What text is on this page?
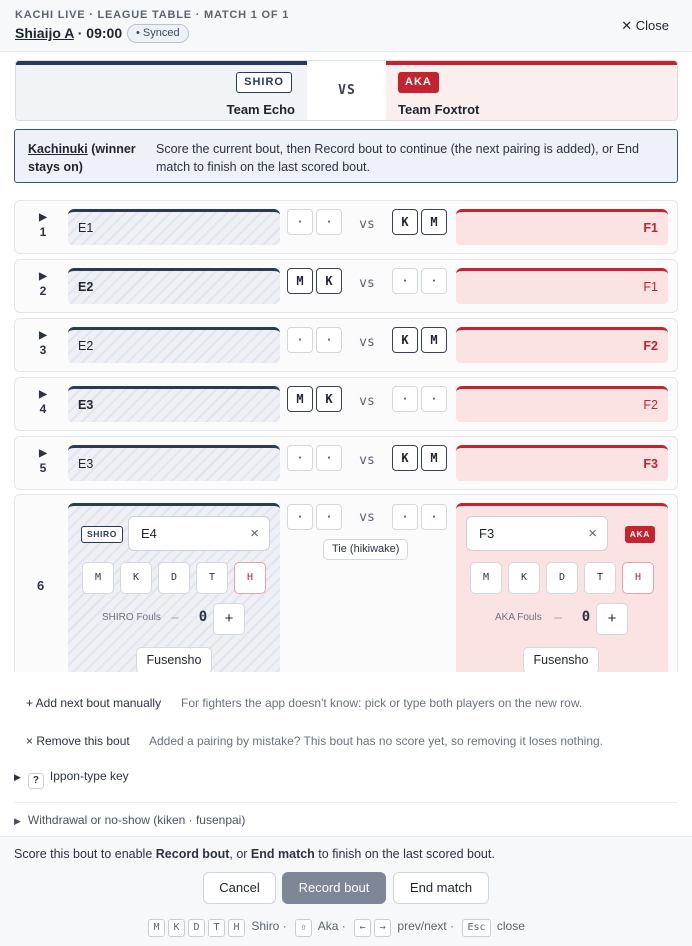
KACHI LIVE · LEAGUE TABLE · MATCH 1 OF 1
Shiaijo A · 09:00	• Synced	✕ Close
SHIRO
Team Echo
VS
AKA
Team Foxtrot
Kachinuki (winner stays on)
Score the current bout, then Record bout to continue (the next pairing is added), or End match to finish on the last scored bout.
▶
1	E1	·	·	vs	K	M	F1
▶
2	E2	M	K	vs	·	·	F1
▶
3	E2	·	·	vs	K	M	F2
▶
4	E3	M	K	vs	·	·	F2
▶
5	E3	·	·	vs	K	M	F3
6
SHIRO	E4	×
M	K	D	T	H
SHIRO Fouls −	0	+
Fusensho
·	·	vs	·	·
Tie (hikiwake)
F3	×	AKA
M	K	D	T	H
AKA Fouls −	0	+
Fusensho
+ Add next bout manually For fighters the app doesn't know: pick or type both players on the new row.
× Remove this bout Added a pairing by mistake? This bout has no score yet, so removing it loses nothing.
▶ ? Ippon-type key
▶ Withdrawal or no-show (kiken · fusenpai)
Score this bout to enable Record bout, or End match to finish on the last scored bout.
Cancel	Record bout	End match
M K D T H Shiro · ⇧ Aka · ← → prev/next · Esc close
